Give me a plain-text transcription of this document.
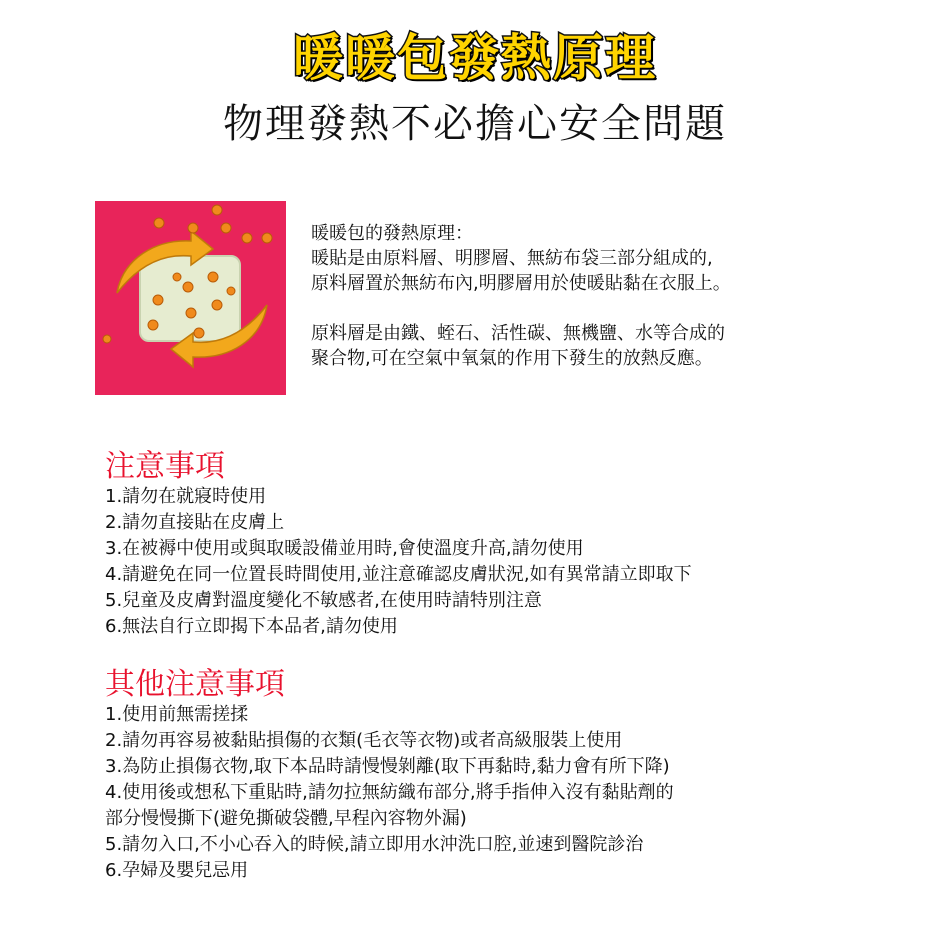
暖暖包發熱原理
物理發熱不必擔心安全問題
暖暖包的發熱原理：
暖貼是由原料層、明膠層、無紡布袋三部分組成的,
原料層置於無紡布內,明膠層用於使暖貼黏在衣服上。
原料層是由鐵、蛭石、活性碳、無機鹽、水等合成的
聚合物,可在空氣中氧氣的作用下發生的放熱反應。
注意事項
1.請勿在就寢時使用
2.請勿直接貼在皮膚上
3.在被褥中使用或與取暖設備並用時,會使溫度升高,請勿使用
4.請避免在同一位置長時間使用,並注意確認皮膚狀況,如有異常請立即取下
5.兒童及皮膚對溫度變化不敏感者,在使用時請特別注意
6.無法自行立即揭下本品者,請勿使用
其他注意事項
1.使用前無需搓揉
2.請勿再容易被黏貼損傷的衣類(毛衣等衣物)或者高級服裝上使用
3.為防止損傷衣物,取下本品時請慢慢剝離(取下再黏時,黏力會有所下降)
4.使用後或想私下重貼時,請勿拉無紡織布部分,將手指伸入沒有黏貼劑的
部分慢慢撕下(避免撕破袋體,早程內容物外漏)
5.請勿入口,不小心吞入的時候,請立即用水沖洗口腔,並速到醫院診治
6.孕婦及嬰兒忌用
